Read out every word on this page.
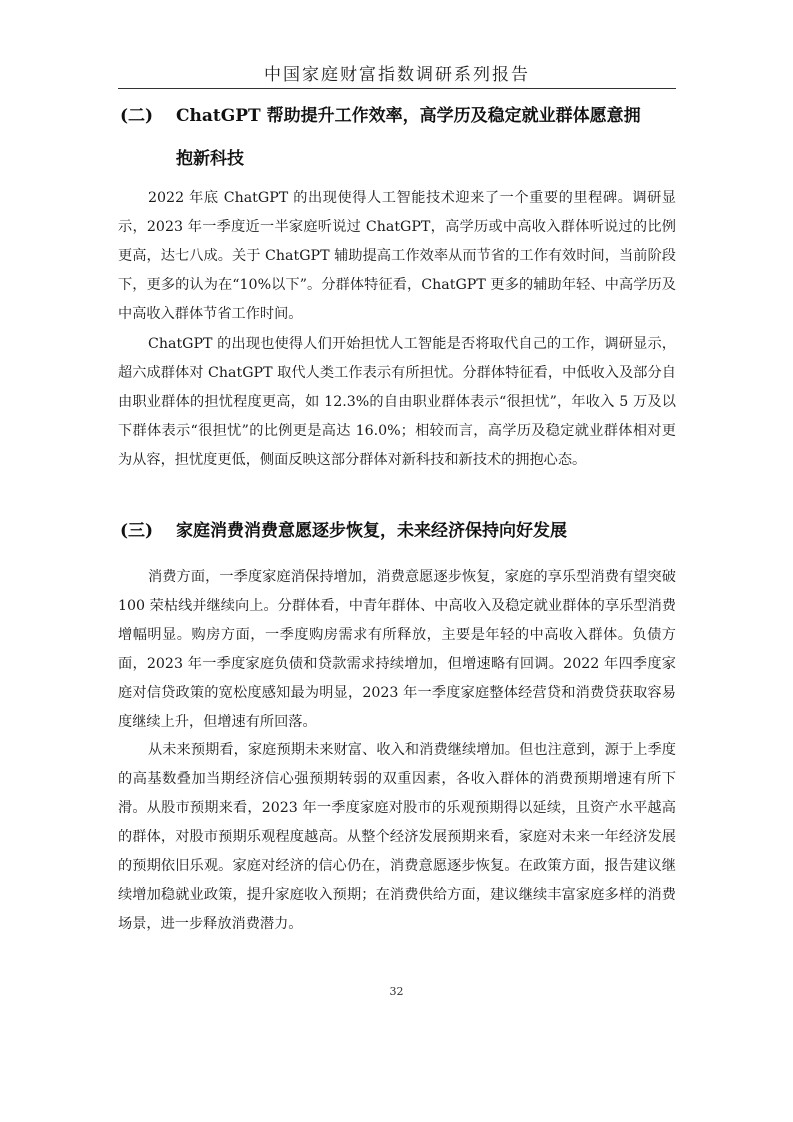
中国家庭财富指数调研系列报告
(二) ChatGPT 帮助提升工作效率，高学历及稳定就业群体愿意拥
抱新科技
2022 年底 ChatGPT 的出现使得人工智能技术迎来了一个重要的里程碑。调研显示，2023 年一季度近一半家庭听说过 ChatGPT，高学历或中高收入群体听说过的比例更高，达七八成。关于 ChatGPT 辅助提高工作效率从而节省的工作有效时间，当前阶段下，更多的认为在“10%以下”。分群体特征看，ChatGPT 更多的辅助年轻、中高学历及中高收入群体节省工作时间。
ChatGPT 的出现也使得人们开始担忧人工智能是否将取代自己的工作，调研显示，超六成群体对 ChatGPT 取代人类工作表示有所担忧。分群体特征看，中低收入及部分自由职业群体的担忧程度更高，如 12.3%的自由职业群体表示“很担忧”，年收入 5 万及以下群体表示“很担忧”的比例更是高达 16.0%；相较而言，高学历及稳定就业群体相对更为从容，担忧度更低，侧面反映这部分群体对新科技和新技术的拥抱心态。
(三) 家庭消费消费意愿逐步恢复，未来经济保持向好发展
消费方面，一季度家庭消保持增加，消费意愿逐步恢复，家庭的享乐型消费有望突破 100 荣枯线并继续向上。分群体看，中青年群体、中高收入及稳定就业群体的享乐型消费增幅明显。购房方面，一季度购房需求有所释放，主要是年轻的中高收入群体。负债方面，2023 年一季度家庭负债和贷款需求持续增加，但增速略有回调。2022 年四季度家庭对信贷政策的宽松度感知最为明显，2023 年一季度家庭整体经营贷和消费贷获取容易度继续上升，但增速有所回落。
从未来预期看，家庭预期未来财富、收入和消费继续增加。但也注意到，源于上季度的高基数叠加当期经济信心强预期转弱的双重因素，各收入群体的消费预期增速有所下滑。从股市预期来看，2023 年一季度家庭对股市的乐观预期得以延续，且资产水平越高的群体，对股市预期乐观程度越高。从整个经济发展预期来看，家庭对未来一年经济发展的预期依旧乐观。家庭对经济的信心仍在，消费意愿逐步恢复。在政策方面，报告建议继续增加稳就业政策，提升家庭收入预期；在消费供给方面，建议继续丰富家庭多样的消费场景，进一步释放消费潜力。
32
